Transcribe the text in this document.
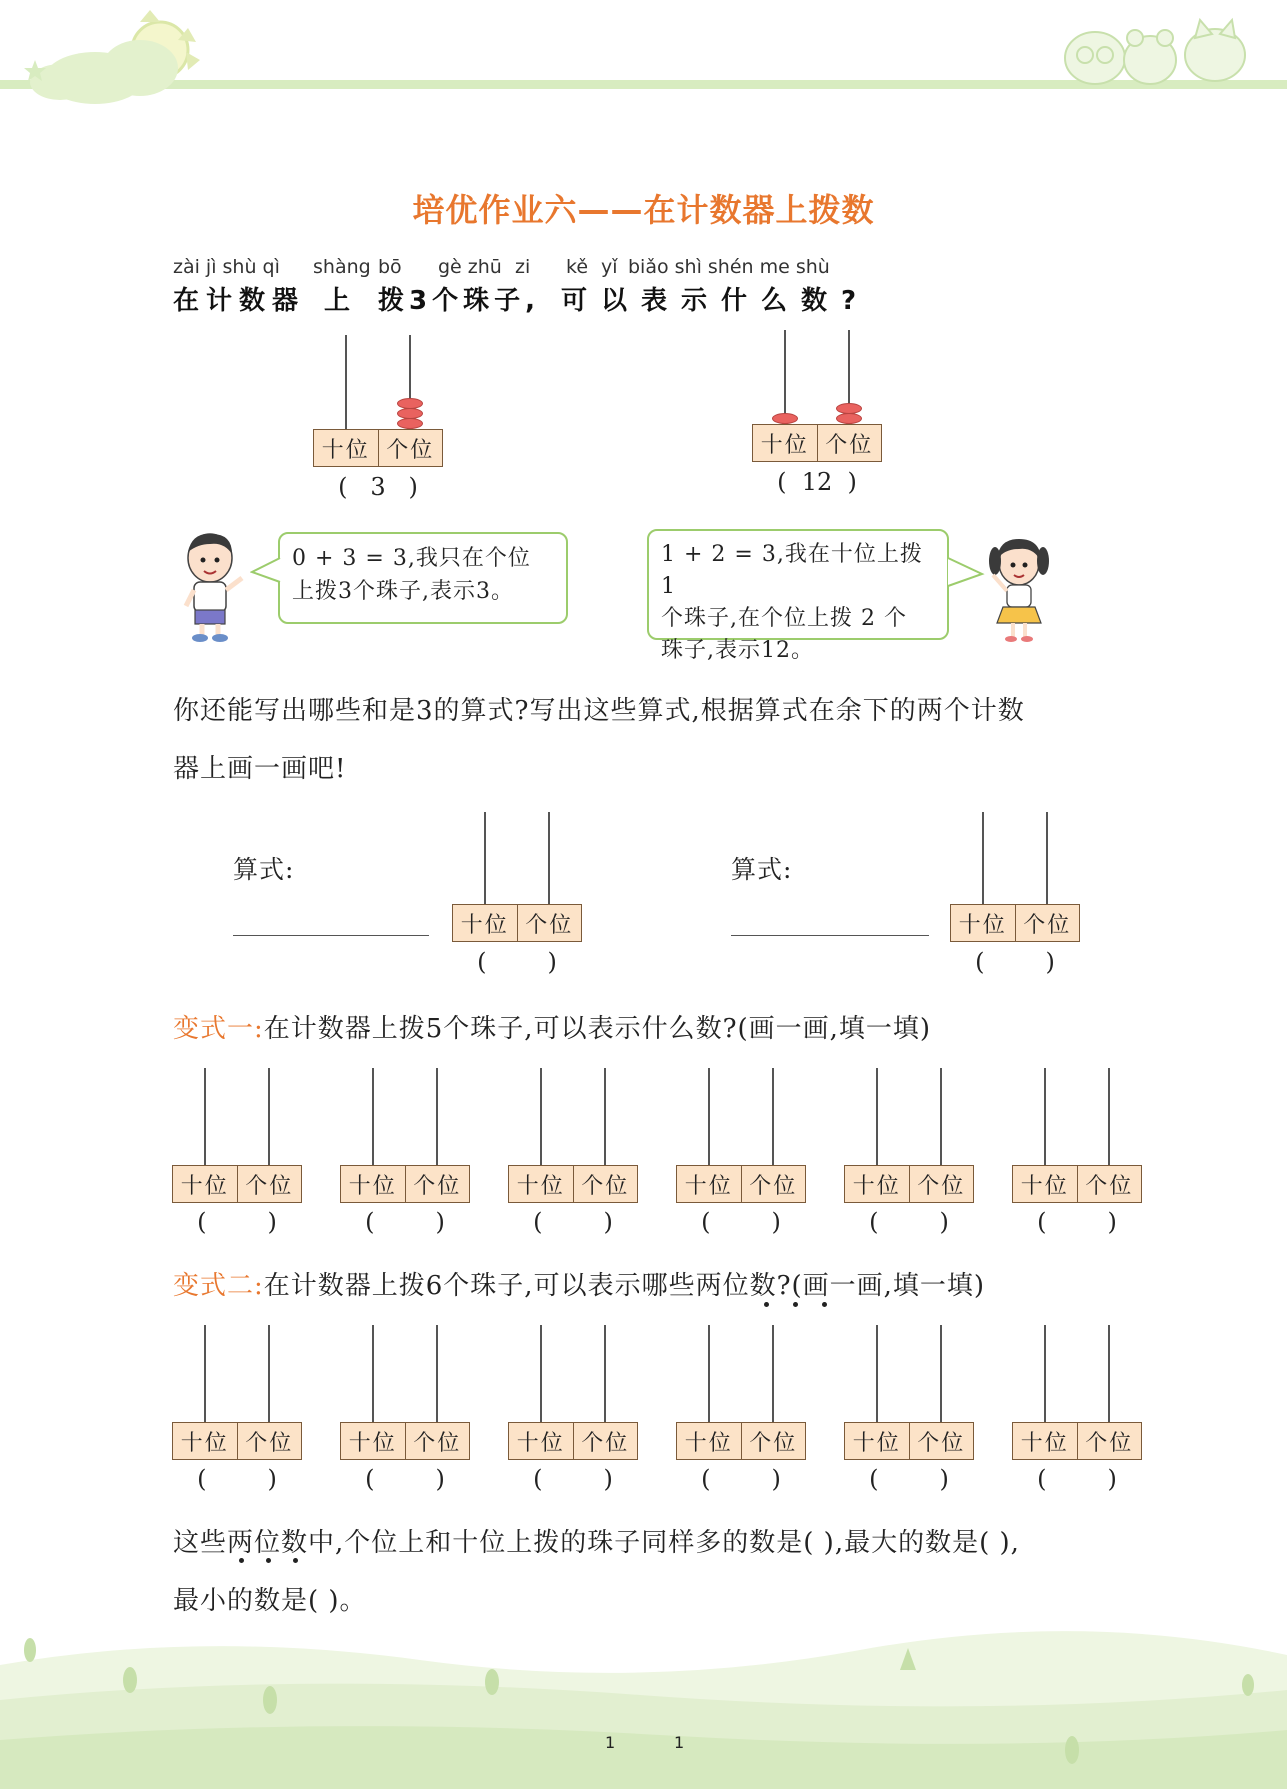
培优作业六——在计数器上拨数
zài jì shù qì shàng bō gè zhū zi kě yǐ biǎo shì shén me shù
在计数器 上 拨3个珠子, 可以表示什么数?
十位 个位
(   3   )
十位 个位
(  12  )
0 + 3 = 3,我只在个位
上拨3个珠子,表示3。
1 + 2 = 3,我在十位上拨 1
个珠子,在个位上拨 2 个
珠子,表示12。
你还能写出哪些和是3的算式?写出这些算式,根据算式在余下的两个计数
器上画一画吧!
算式:
十位 个位
(        )
算式:
十位 个位
(        )
变式一:在计数器上拨5个珠子,可以表示什么数?(画一画,填一填)
十位 个位
(        )
十位 个位
(        )
十位 个位
(        )
十位 个位
(        )
十位 个位
(        )
十位 个位
(        )
变式二:在计数器上拨6个珠子,可以表示哪些两位数?(画一画,填一填)
十位 个位
(        )
十位 个位
(        )
十位 个位
(        )
十位 个位
(        )
十位 个位
(        )
十位 个位
(        )
这些两位数中,个位上和十位上拨的珠子同样多的数是( ),最大的数是( ),
最小的数是( )。
1	1
